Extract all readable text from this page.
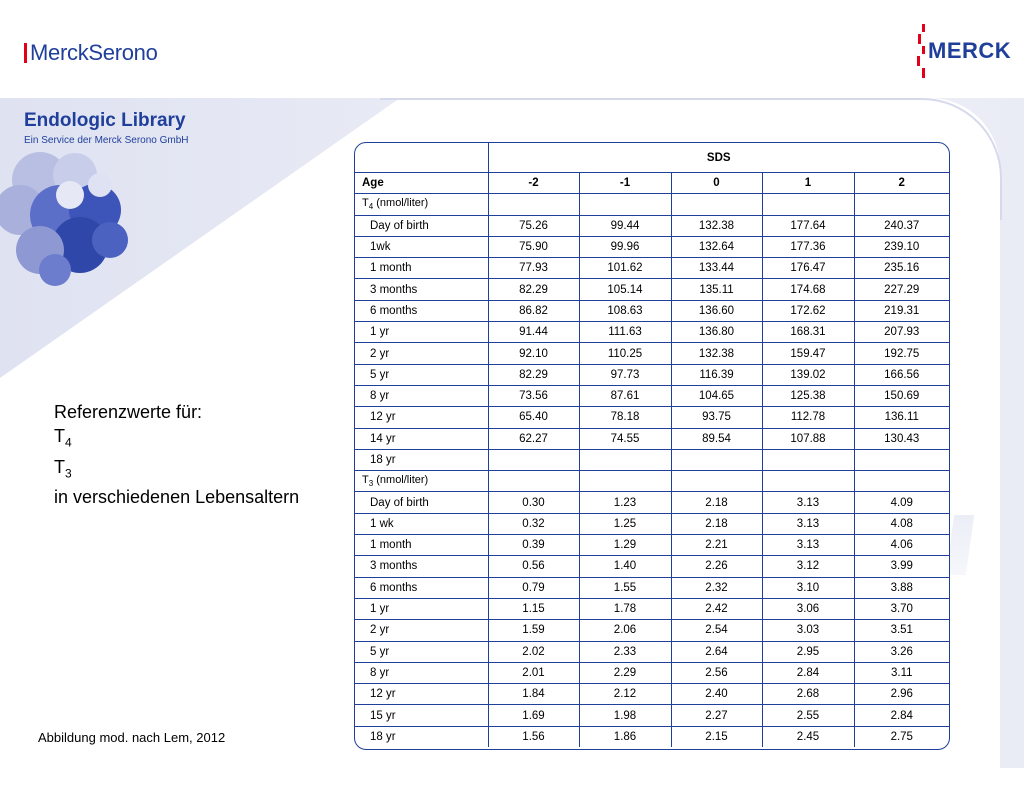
MerckSerono	MERCK
Endologic Library
Ein Service der Merck Serono GmbH
Referenzwerte für:
$T_4$
$T_3$
in verschiedenen Lebensaltern
Abbildung mod. nach Lem, 2012
	SDS				
Age	-2	-1	0	1	2
$T_4$ (nmol/liter)					
Day of birth	75.26	99.44	132.38	177.64	240.37
1wk	75.90	99.96	132.64	177.36	239.10
1 month	77.93	101.62	133.44	176.47	235.16
3 months	82.29	105.14	135.11	174.68	227.29
6 months	86.82	108.63	136.60	172.62	219.31
1 yr	91.44	111.63	136.80	168.31	207.93
2 yr	92.10	110.25	132.38	159.47	192.75
5 yr	82.29	97.73	116.39	139.02	166.56
8 yr	73.56	87.61	104.65	125.38	150.69
12 yr	65.40	78.18	93.75	112.78	136.11
14 yr	62.27	74.55	89.54	107.88	130.43
18 yr					
$T_3$ (nmol/liter)					
Day of birth	0.30	1.23	2.18	3.13	4.09
1 wk	0.32	1.25	2.18	3.13	4.08
1 month	0.39	1.29	2.21	3.13	4.06
3 months	0.56	1.40	2.26	3.12	3.99
6 months	0.79	1.55	2.32	3.10	3.88
1 yr	1.15	1.78	2.42	3.06	3.70
2 yr	1.59	2.06	2.54	3.03	3.51
5 yr	2.02	2.33	2.64	2.95	3.26
8 yr	2.01	2.29	2.56	2.84	3.11
12 yr	1.84	2.12	2.40	2.68	2.96
15 yr	1.69	1.98	2.27	2.55	2.84
18 yr	1.56	1.86	2.15	2.45	2.75
